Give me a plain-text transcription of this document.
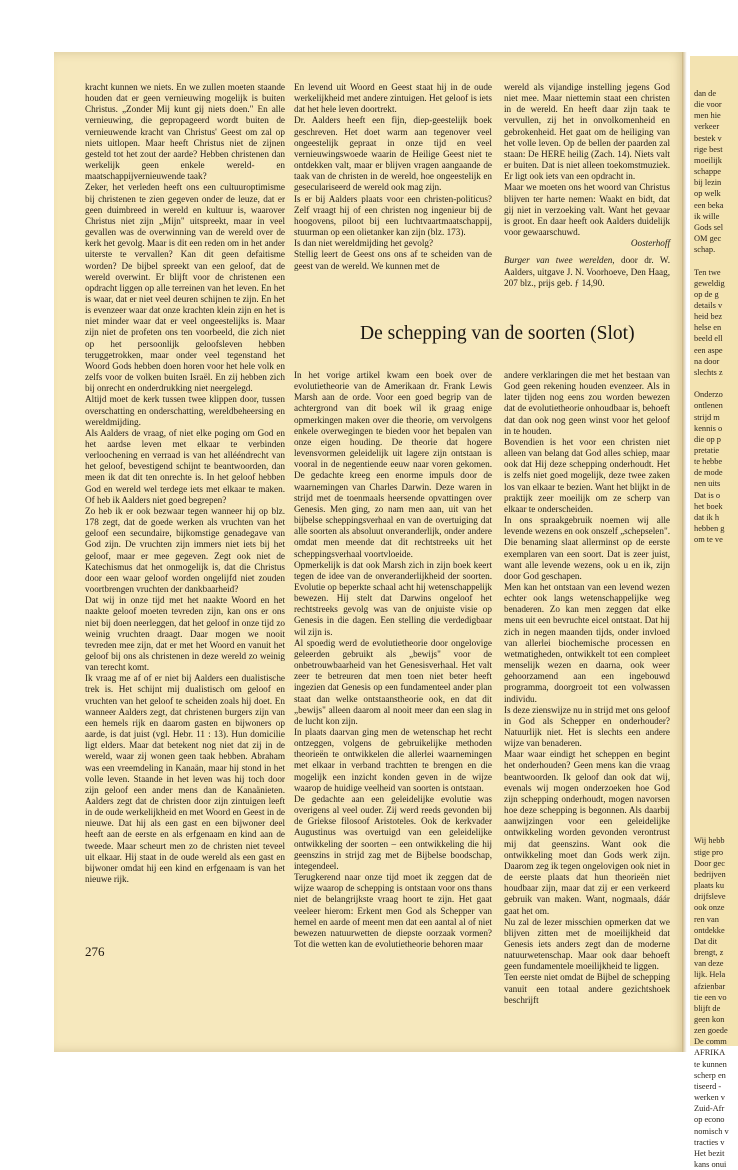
kracht kunnen we niets. En we zullen moeten staande houden dat er geen vernieuwing mogelijk is buiten Christus. „Zonder Mij kunt gij niets doen." En alle vernieuwing, die gepropageerd wordt buiten de vernieuwende kracht van Christus' Geest om zal op niets uitlopen. Maar heeft Christus niet de zijnen gesteld tot het zout der aarde? Hebben christenen dan werkelijk geen enkele wereld- en maatschappijvernieuwende taak?

Zeker, het verleden heeft ons een cultuuroptimisme bij christenen te zien gegeven onder de leuze, dat er geen duimbreed in wereld en kultuur is, waarover Christus niet zijn „Mijn" uitspreekt, maar in veel gevallen was de overwinning van de wereld over de kerk het gevolg. Maar is dit een reden om in het ander uiterste te vervallen? Kan dit geen defaitisme worden? De bijbel spreekt van een geloof, dat de wereld overwint. Er blijft voor de christenen een opdracht liggen op alle terreinen van het leven. En het is waar, dat er niet veel deuren schijnen te zijn. En het is evenzeer waar dat onze krachten klein zijn en het is niet minder waar dat er veel ongeestelijks is. Maar zijn niet de profeten ons ten voorbeeld, die zich niet op het persoonlijk geloofsleven hebben teruggetrokken, maar onder veel tegenstand het Woord Gods hebben doen horen voor het hele volk en zelfs voor de volken buiten Israël. En zij hebben zich bij onrecht en onderdrukking niet neergelegd.

Altijd moet de kerk tussen twee klippen door, tussen overschatting en onderschatting, wereldbeheersing en wereldmijding.

Als Aalders de vraag, of niet elke poging om God en het aardse leven met elkaar te verbinden verloochening en verraad is van het allééndrecht van het geloof, bevestigend schijnt te beantwoorden, dan meen ik dat dit ten onrechte is. In het geloof hebben God en wereld wel terdege iets met elkaar te maken. Of heb ik Aalders niet goed begrepen?

Zo heb ik er ook bezwaar tegen wanneer hij op blz. 178 zegt, dat de goede werken als vruchten van het geloof een secundaire, bijkomstige genadegave van God zijn. De vruchten zijn immers niet iets bij het geloof, maar er mee gegeven. Zegt ook niet de Katechismus dat het onmogelijk is, dat die Christus door een waar geloof worden ongelijfd niet zouden voortbrengen vruchten der dankbaarheid?

Dat wij in onze tijd met het naakte Woord en het naakte geloof moeten tevreden zijn, kan ons er ons niet bij doen neerleggen, dat het geloof in onze tijd zo weinig vruchten draagt. Daar mogen we nooit tevreden mee zijn, dat er met het Woord en vanuit het geloof bij ons als christenen in deze wereld zo weinig van terecht komt.

Ik vraag me af of er niet bij Aalders een dualistische trek is. Het schijnt mij dualistisch om geloof en vruchten van het geloof te scheiden zoals hij doet. En wanneer Aalders zegt, dat christenen burgers zijn van een hemels rijk en daarom gasten en bijwoners op aarde, is dat juist (vgl. Hebr. 11 : 13). Hun domicilie ligt elders. Maar dat betekent nog niet dat zij in de wereld, waar zij wonen geen taak hebben. Abraham was een vreemdeling in Kanaän, maar hij stond in het volle leven. Staande in het leven was hij toch door zijn geloof een ander mens dan de Kanaänieten. Aalders zegt dat de christen door zijn zintuigen leeft in de oude werkelijkheid en met Woord en Geest in de nieuwe. Dat hij als een gast en een bijwoner deel heeft aan de eerste en als erfgenaam en kind aan de tweede. Maar scheurt men zo de christen niet teveel uit elkaar. Hij staat in de oude wereld als een gast en bijwoner omdat hij een kind en erfgenaam is van het nieuwe rijk.

En levend uit Woord en Geest staat hij in de oude werkelijkheid met andere zintuigen. Het geloof is iets dat het hele leven doortrekt.

Dr. Aalders heeft een fijn, diep-geestelijk boek geschreven. Het doet warm aan tegenover veel ongeestelijk gepraat in onze tijd en veel vernieuwingswoede waarin de Heilige Geest niet te ontdekken valt, maar er blijven vragen aangaande de taak van de christen in de wereld, hoe ongeestelijk en geseculariseerd de wereld ook mag zijn.

Is er bij Aalders plaats voor een christen-politicus? Zelf vraagt hij of een christen nog ingenieur bij de hoogovens, piloot bij een luchtvaartmaatschappij, stuurman op een olietanker kan zijn (blz. 173).

Is dan niet wereldmijding het gevolg?

Stellig leert de Geest ons ons af te scheiden van de geest van de wereld. We kunnen met de

wereld als vijandige instelling jegens God niet mee. Maar niettemin staat een christen in de wereld. En heeft daar zijn taak te vervullen, zij het in onvolkomenheid en gebrokenheid. Het gaat om de heiliging van het volle leven. Op de bellen der paarden zal staan: De HERE heilig (Zach. 14). Niets valt er buiten. Dat is niet alleen toekomstmuziek. Er ligt ook iets van een opdracht in.

Maar we moeten ons het woord van Christus blijven ter harte nemen: Waakt en bidt, dat gij niet in verzoeking valt. Want het gevaar is groot. En daar heeft ook Aalders duidelijk voor gewaarschuwd.

Oosterhoff

Burger van twee werelden, door dr. W. Aalders, uitgave J. N. Voorhoeve, Den Haag, 207 blz., prijs geb. ƒ 14,90.

De schepping van de soorten (Slot)

In het vorige artikel kwam een boek over de evolutietheorie van de Amerikaan dr. Frank Lewis Marsh aan de orde. Voor een goed begrip van de achtergrond van dit boek wil ik graag enige opmerkingen maken over die theorie, om vervolgens enkele overwegingen te bieden voor het bepalen van onze eigen houding. De theorie dat hogere levensvormen geleidelijk uit lagere zijn ontstaan is vooral in de negentiende eeuw naar voren gekomen. De gedachte kreeg een enorme impuls door de waarnemingen van Charles Darwin. Deze waren in strijd met de toenmaals heersende opvattingen over Genesis. Men ging, zo nam men aan, uit van het bijbelse scheppingsverhaal en van de overtuiging dat alle soorten als absoluut onveranderlijk, onder andere omdat men meende dat dit rechtstreeks uit het scheppingsverhaal voortvloeide.

Opmerkelijk is dat ook Marsh zich in zijn boek keert tegen de idee van de onveranderlijkheid der soorten. Evolutie op beperkte schaal acht hij wetenschappelijk bewezen. Hij stelt dat Darwins ongeloof het rechtstreeks gevolg was van de onjuiste visie op Genesis in die dagen. Een stelling die verdedigbaar wil zijn is.

Al spoedig werd de evolutietheorie door ongelovige geleerden gebruikt als „bewijs" voor de onbetrouwbaarheid van het Genesisverhaal. Het valt zeer te betreuren dat men toen niet beter heeft ingezien dat Genesis op een fundamenteel ander plan staat dan welke ontstaanstheorie ook, en dat dit „bewijs" alleen daarom al nooit meer dan een slag in de lucht kon zijn.

In plaats daarvan ging men de wetenschap het recht ontzeggen, volgens de gebruikelijke methoden theorieën te ontwikkelen die allerlei waarnemingen met elkaar in verband trachtten te brengen en die mogelijk een inzicht konden geven in de wijze waarop de huidige veelheid van soorten is ontstaan.

De gedachte aan een geleidelijke evolutie was overigens al veel ouder. Zij werd reeds gevonden bij de Griekse filosoof Aristoteles. Ook de kerkvader Augustinus was overtuigd van een geleidelijke ontwikkeling der soorten – een ontwikkeling die hij geenszins in strijd zag met de Bijbelse boodschap, integendeel.

Terugkerend naar onze tijd moet ik zeggen dat de wijze waarop de schepping is ontstaan voor ons thans niet de belangrijkste vraag hoort te zijn. Het gaat veeleer hierom: Erkent men God als Schepper van hemel en aarde of meent men dat een aantal al of niet bewezen natuurwetten de diepste oorzaak vormen? Tot die wetten kan de evolutietheorie behoren maar

andere verklaringen die met het bestaan van God geen rekening houden evenzeer. Als in later tijden nog eens zou worden bewezen dat de evolutietheorie onhoudbaar is, behoeft dat dan ook nog geen winst voor het geloof in te houden.

Bovendien is het voor een christen niet alleen van belang dat God alles schiep, maar ook dat Hij deze schepping onderhoudt. Het is zelfs niet goed mogelijk, deze twee zaken los van elkaar te bezien. Want het blijkt in de praktijk zeer moeilijk om ze scherp van elkaar te onderscheiden.

In ons spraakgebruik noemen wij alle levende wezens en ook onszelf „schepselen". Die benaming slaat allerminst op de eerste exemplaren van een soort. Dat is zeer juist, want alle levende wezens, ook u en ik, zijn door God geschapen.

Men kan het ontstaan van een levend wezen echter ook langs wetenschappelijke weg benaderen. Zo kan men zeggen dat elke mens uit een bevruchte eicel ontstaat. Dat hij zich in negen maanden tijds, onder invloed van allerlei biochemische processen en wetmatigheden, ontwikkelt tot een compleet menselijk wezen en daarna, ook weer gehoorzamend aan een ingebouwd programma, doorgroeit tot een volwassen individu.

Is deze zienswijze nu in strijd met ons geloof in God als Schepper en onderhouder? Natuurlijk niet. Het is slechts een andere wijze van benaderen.

Maar waar eindigt het scheppen en begint het onderhouden? Geen mens kan die vraag beantwoorden. Ik geloof dan ook dat wij, evenals wij mogen onderzoeken hoe God zijn schepping onderhoudt, mogen navorsen hoe deze schepping is begonnen. Als daarbij aanwijzingen voor een geleidelijke ontwikkeling worden gevonden verontrust mij dat geenszins. Want ook die ontwikkeling moet dan Gods werk zijn. Daarom zeg ik tegen ongelovigen ook niet in de eerste plaats dat hun theorieën niet houdbaar zijn, maar dat zij er een verkeerd gebruik van maken. Want, nogmaals, dáár gaat het om.

Nu zal de lezer misschien opmerken dat we blijven zitten met de moeilijkheid dat Genesis iets anders zegt dan de moderne natuurwetenschap. Maar ook daar behoeft geen fundamentele moeilijkheid te liggen.

Ten eerste niet omdat de Bijbel de schepping vanuit een totaal andere gezichtshoek beschrijft

276

dan de

die voor

men hie

verkeer

bestek v

rige best

moeilijk

schappe

bij lezin

op welk

een beka

ik wille

Gods sel

OM gec

schap.

Ten twe

geweldig

op de g

details v

heid bez

helse en

beeld ell

een aspe

na door

slechts z

Onderzo

ontlenen

strijd m

kennis o

die op p

pretatie

te hebbe

de mode

nen uits

Dat is o

het boek

dat ik h

hebben g

om te ve

Wij hebb

stige pro

Door gec

bedrijven

plaats ku

drijfsleve

ook onze

ren van

ontdekke

Dat dit

brengt, z

van deze

lijk. Hela

afzienbar

tie een vo

blijft de

geen kon

zen goede

De comm

AFRIKA

te kunnen

scherp en

tiseerd -

werken v

Zuid-Afr

op econo

nomisch v

tracties v

Het bezit

kans onui
